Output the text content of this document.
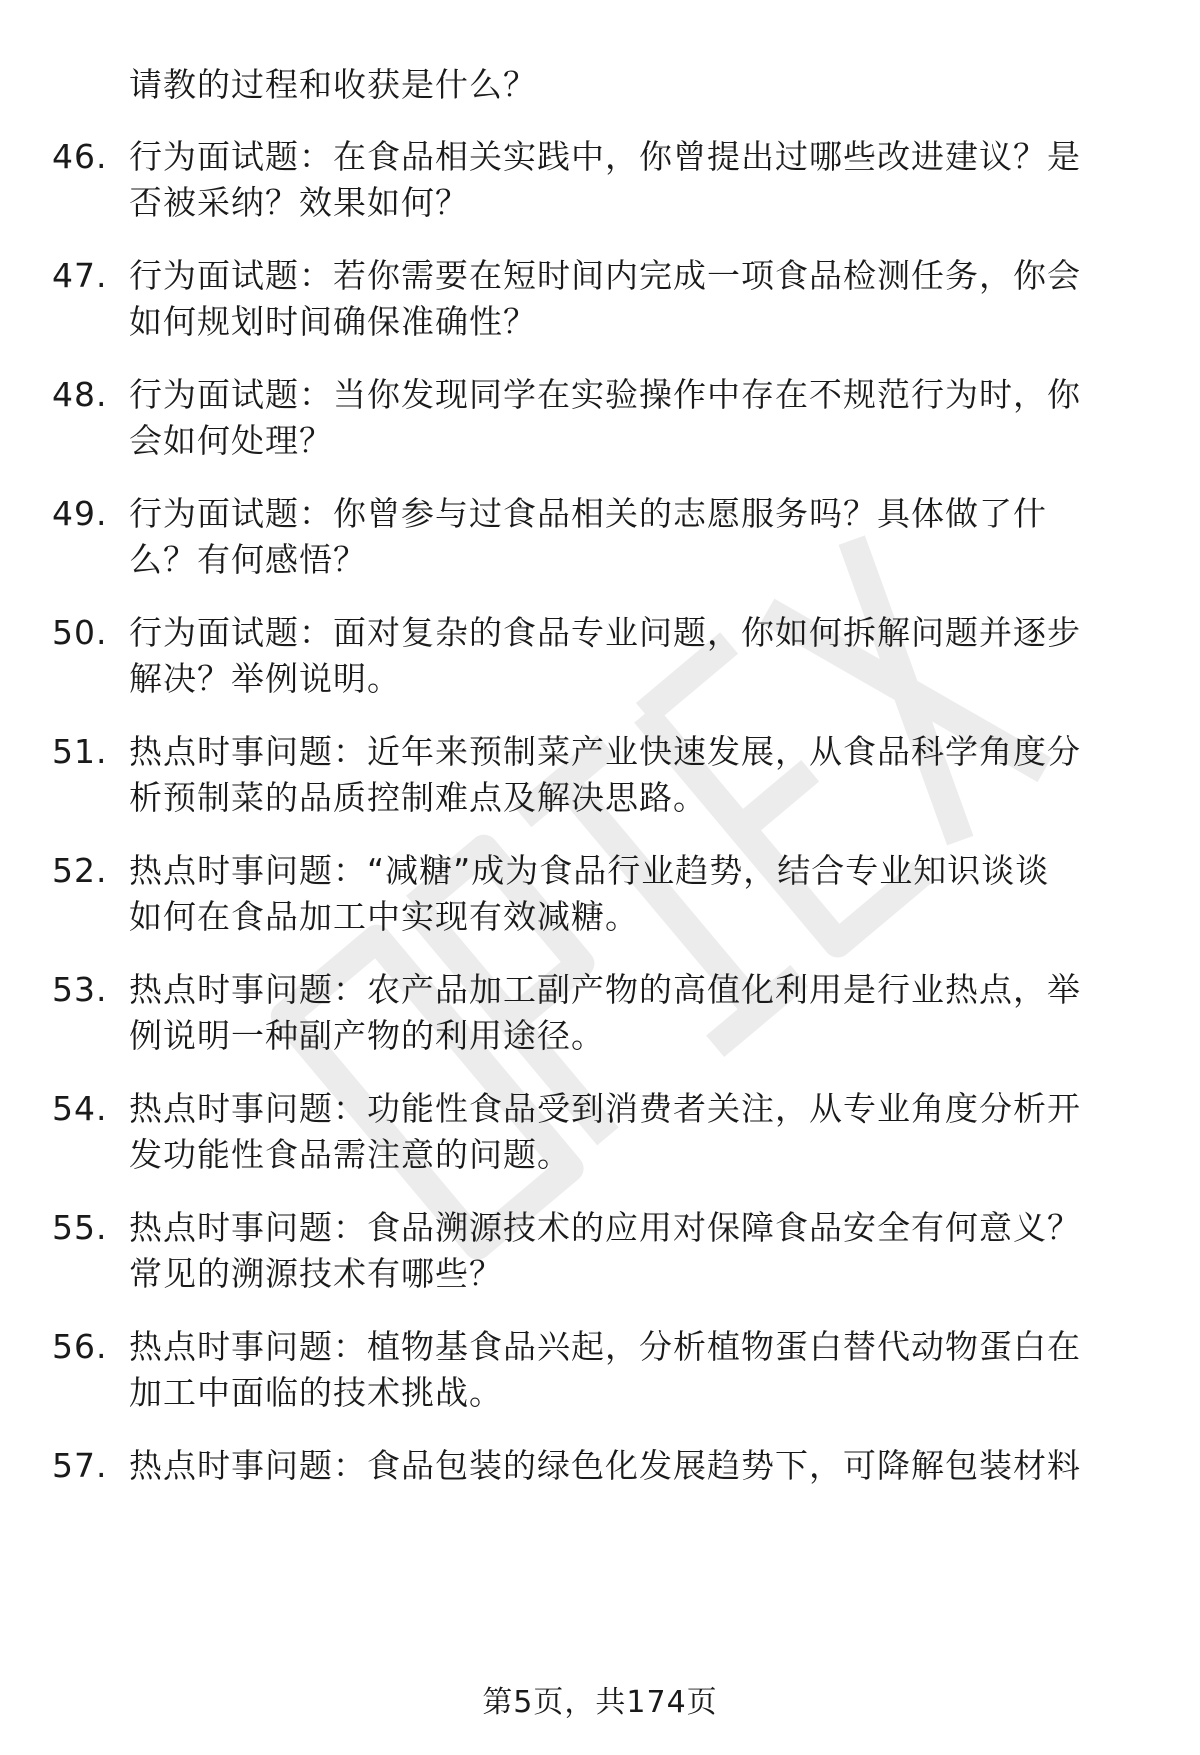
请教的过程和收获是什么？
46. 行为面试题：在食品相关实践中，你曾提出过哪些改进建议？是
否被采纳？效果如何？
47. 行为面试题：若你需要在短时间内完成一项食品检测任务，你会
如何规划时间确保准确性？
48. 行为面试题：当你发现同学在实验操作中存在不规范行为时，你
会如何处理？
49. 行为面试题：你曾参与过食品相关的志愿服务吗？具体做了什
么？有何感悟？
50. 行为面试题：面对复杂的食品专业问题，你如何拆解问题并逐步
解决？举例说明。
51. 热点时事问题：近年来预制菜产业快速发展，从食品科学角度分
析预制菜的品质控制难点及解决思路。
52. 热点时事问题：“减糖”成为食品行业趋势，结合专业知识谈谈
如何在食品加工中实现有效减糖。
53. 热点时事问题：农产品加工副产物的高值化利用是行业热点，举
例说明一种副产物的利用途径。
54. 热点时事问题：功能性食品受到消费者关注，从专业角度分析开
发功能性食品需注意的问题。
55. 热点时事问题：食品溯源技术的应用对保障食品安全有何意义？
常见的溯源技术有哪些？
56. 热点时事问题：植物基食品兴起，分析植物蛋白替代动物蛋白在
加工中面临的技术挑战。
57. 热点时事问题：食品包装的绿色化发展趋势下，可降解包装材料
第5页，共174页
